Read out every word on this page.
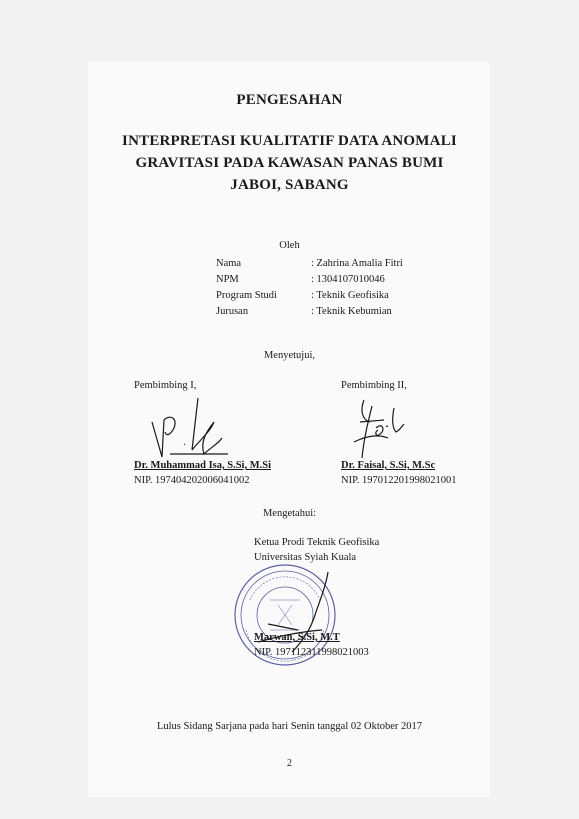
PENGESAHAN
INTERPRETASI KUALITATIF DATA ANOMALI
GRAVITASI PADA KAWASAN PANAS BUMI
JABOI, SABANG
Oleh
Nama	: Zahrina Amalia Fitri
NPM	: 1304107010046
Program Studi	: Teknik Geofisika
Jurusan	: Teknik Kebumian
Menyetujui,
Pembimbing I,	Pembimbing II,
Dr. Muhammad Isa, S.Si, M.Si
NIP. 197404202006041002
Dr. Faisal, S.Si, M.Sc
NIP. 197012201998021001
Mengetahui:
Ketua Prodi Teknik Geofisika
Universitas Syiah Kuala
Marwan, S.Si, M.T
NIP. 197112311998021003
Lulus Sidang Sarjana pada hari Senin tanggal 02 Oktober 2017
2
